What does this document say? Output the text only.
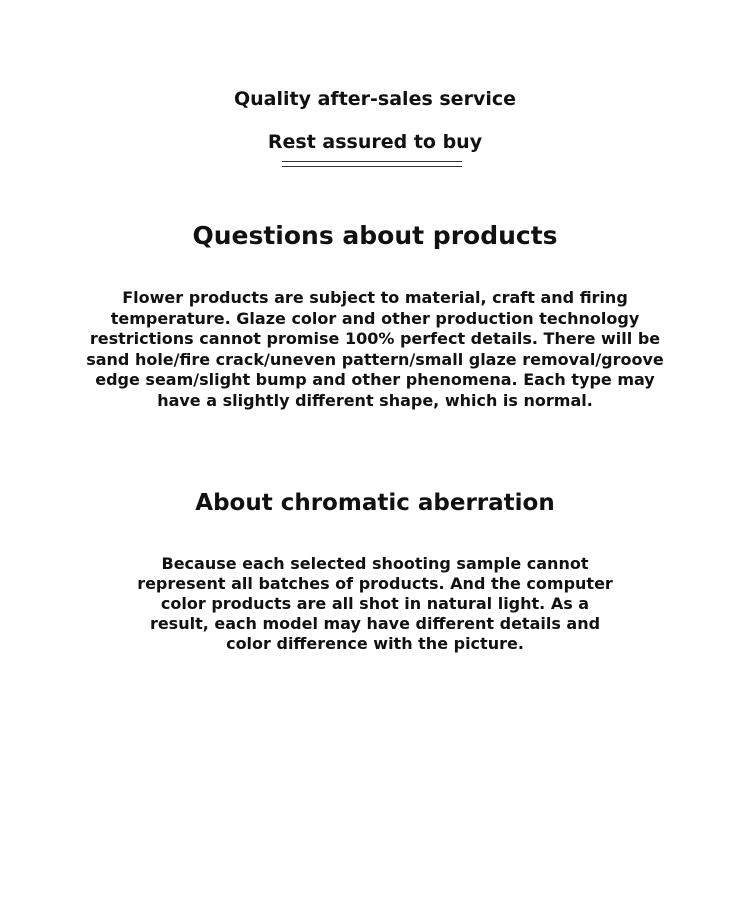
Quality after-sales service
Rest assured to buy
Questions about products
Flower products are subject to material, craft and firing
temperature. Glaze color and other production technology
restrictions cannot promise 100% perfect details. There will be
sand hole/fire crack/uneven pattern/small glaze removal/groove
edge seam/slight bump and other phenomena. Each type may
have a slightly different shape, which is normal.
About chromatic aberration
Because each selected shooting sample cannot
represent all batches of products. And the computer
color products are all shot in natural light. As a
result, each model may have different details and
color difference with the picture.
